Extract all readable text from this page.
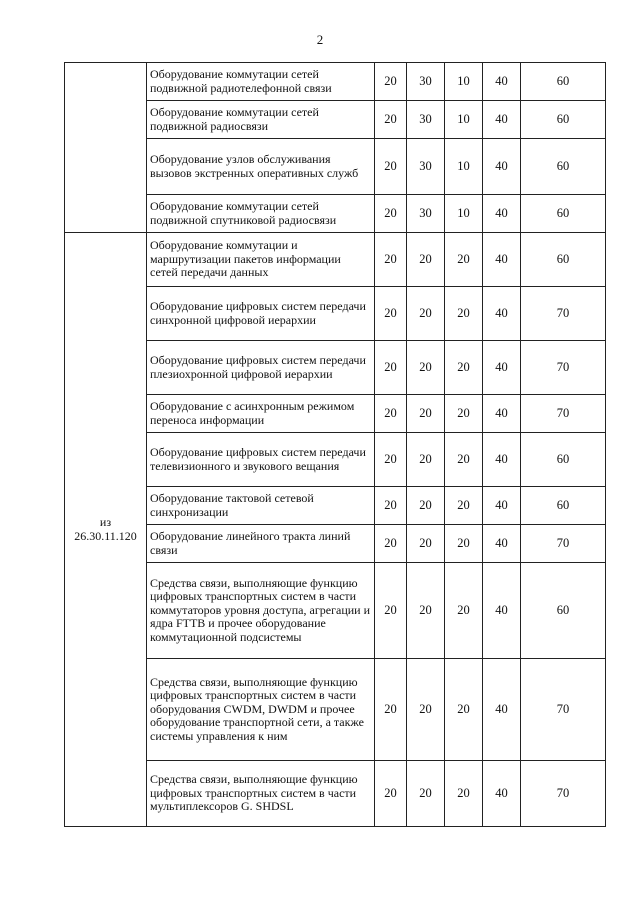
2
	Оборудование коммутации сетей подвижной радиотелефонной связи	20	30	10	40	60
	Оборудование коммутации сетей подвижной радиосвязи	20	30	10	40	60
	Оборудование узлов обслуживания вызовов экстренных оперативных служб	20	30	10	40	60
	Оборудование коммутации сетей подвижной спутниковой радиосвязи	20	30	10	40	60

из
26.30.11.120	Оборудование коммутации и маршрутизации пакетов информации сетей передачи данных	20	20	20	40	60
	Оборудование цифровых систем передачи синхронной цифровой иерархии	20	20	20	40	70
	Оборудование цифровых систем передачи плезиохронной цифровой иерархии	20	20	20	40	70
	Оборудование с асинхронным режимом переноса информации	20	20	20	40	70
	Оборудование цифровых систем передачи телевизионного и звукового вещания	20	20	20	40	60
	Оборудование тактовой сетевой синхронизации	20	20	20	40	60
	Оборудование линейного тракта линий связи	20	20	20	40	70
	Средства связи, выполняющие функцию цифровых транспортных систем в части коммутаторов уровня доступа, агрегации и ядра FTTB и прочее оборудование коммутационной подсистемы	20	20	20	40	60
	Средства связи, выполняющие функцию цифровых транспортных систем в части оборудования CWDM, DWDM и прочее оборудование транспортной сети, а также системы управления к ним	20	20	20	40	70
	Средства связи, выполняющие функцию цифровых транспортных систем в части мультиплексоров G. SHDSL	20	20	20	40	70
